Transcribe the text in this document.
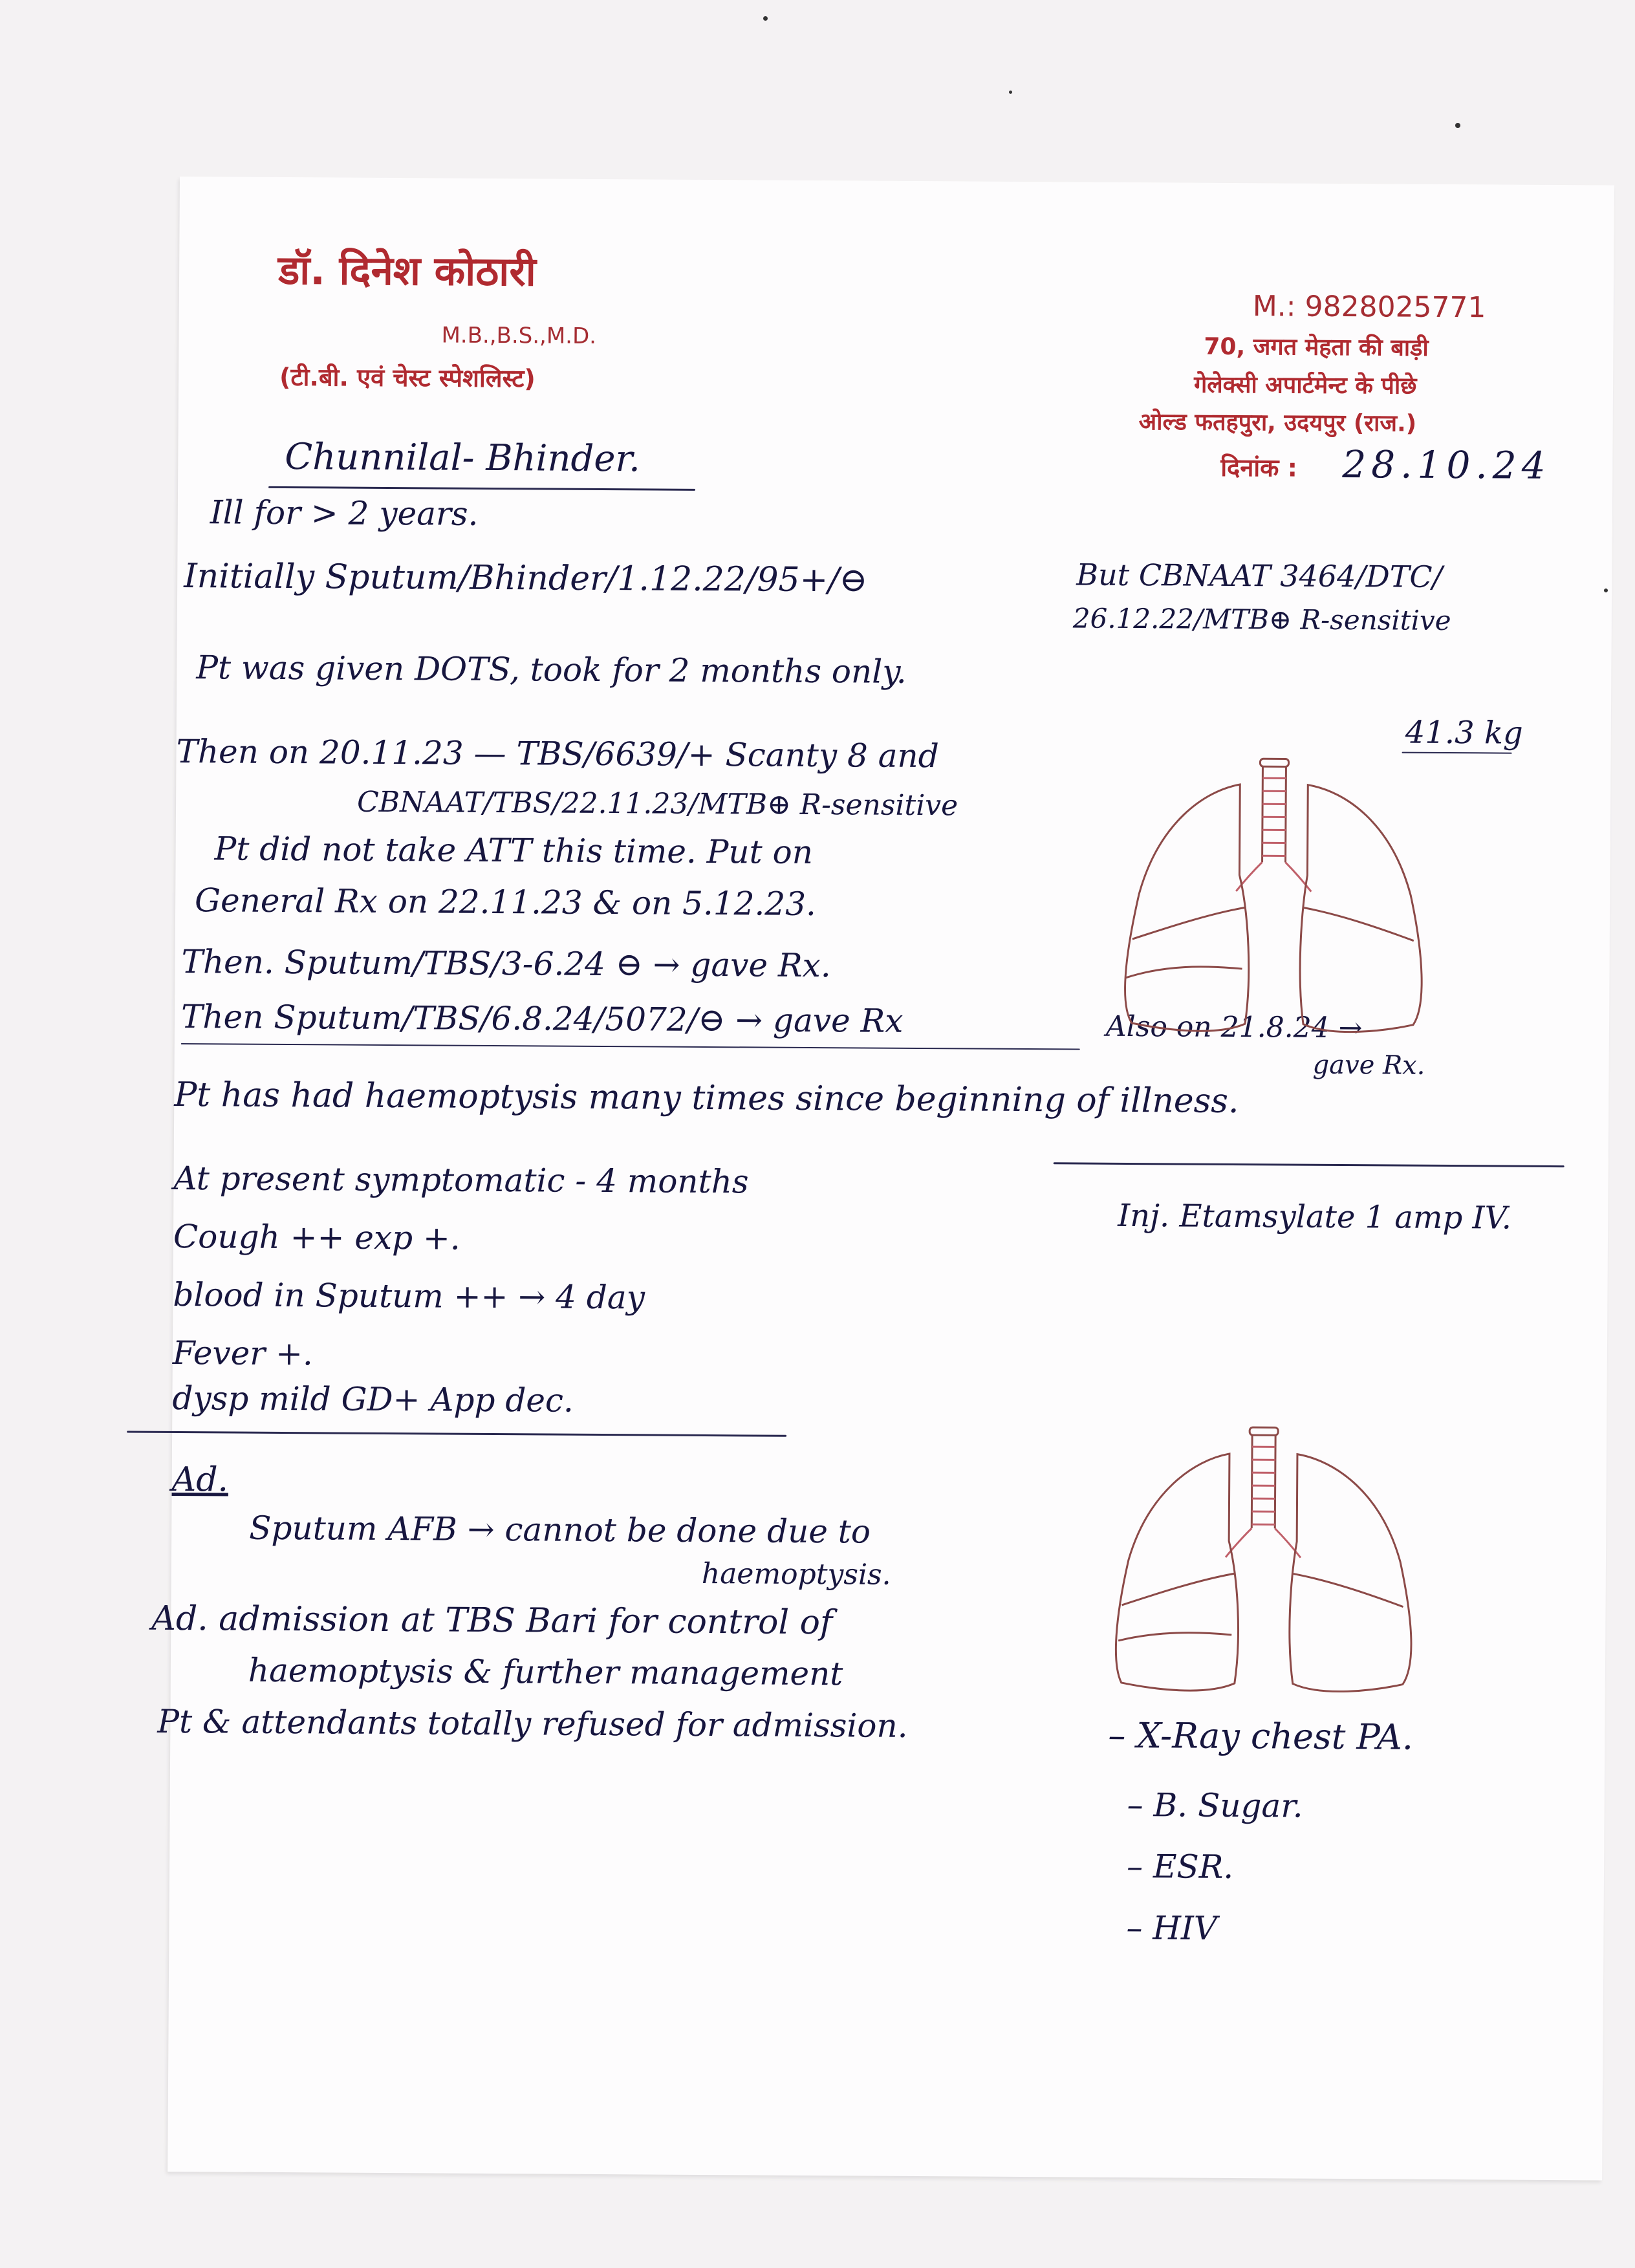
डॉ. दिनेश कोठारी
M.B.,B.S.,M.D.
(टी.बी. एवं चेस्ट स्पेशलिस्ट)
M.: 9828025771
70, जगत मेहता की बाड़ी
गेलेक्सी अपार्टमेन्ट के पीछे
ओल्ड फतहपुरा, उदयपुर (राज.)
दिनांक : 28.10.24
Chunnilal- Bhinder.
Ill for > 2 years.
Initially Sputum/Bhinder/1.12.22/95+/⊖	But CBNAAT 3464/DTC/
26.12.22/MTB⊕ R-sensitive
Pt was given DOTS, took for 2 months only.
41.3 kg
Then on 20.11.23 — TBS/6639/+ Scanty 8 and
CBNAAT/TBS/22.11.23/MTB⊕ R-sensitive
Pt did not take ATT this time. Put on
General Rx on 22.11.23 & on 5.12.23.
Then. Sputum/TBS/3-6.24 ⊖ → gave Rx.
Then Sputum/TBS/6.8.24/5072/⊖ → gave Rx	Also on 21.8.24 →
gave Rx.
Pt has had haemoptysis many times since beginning of illness.
At present symptomatic - 4 months
Inj. Etamsylate 1 amp IV.
Cough ++ exp +.
blood in Sputum ++ → 4 day
Fever +.
dysp mild GD+ App dec.
Ad.
Sputum AFB → cannot be done due to
haemoptysis.
Ad. admission at TBS Bari for control of
haemoptysis & further management
Pt & attendants totally refused for admission.	– X-Ray chest PA.
– B. Sugar.
– ESR.
– HIV
